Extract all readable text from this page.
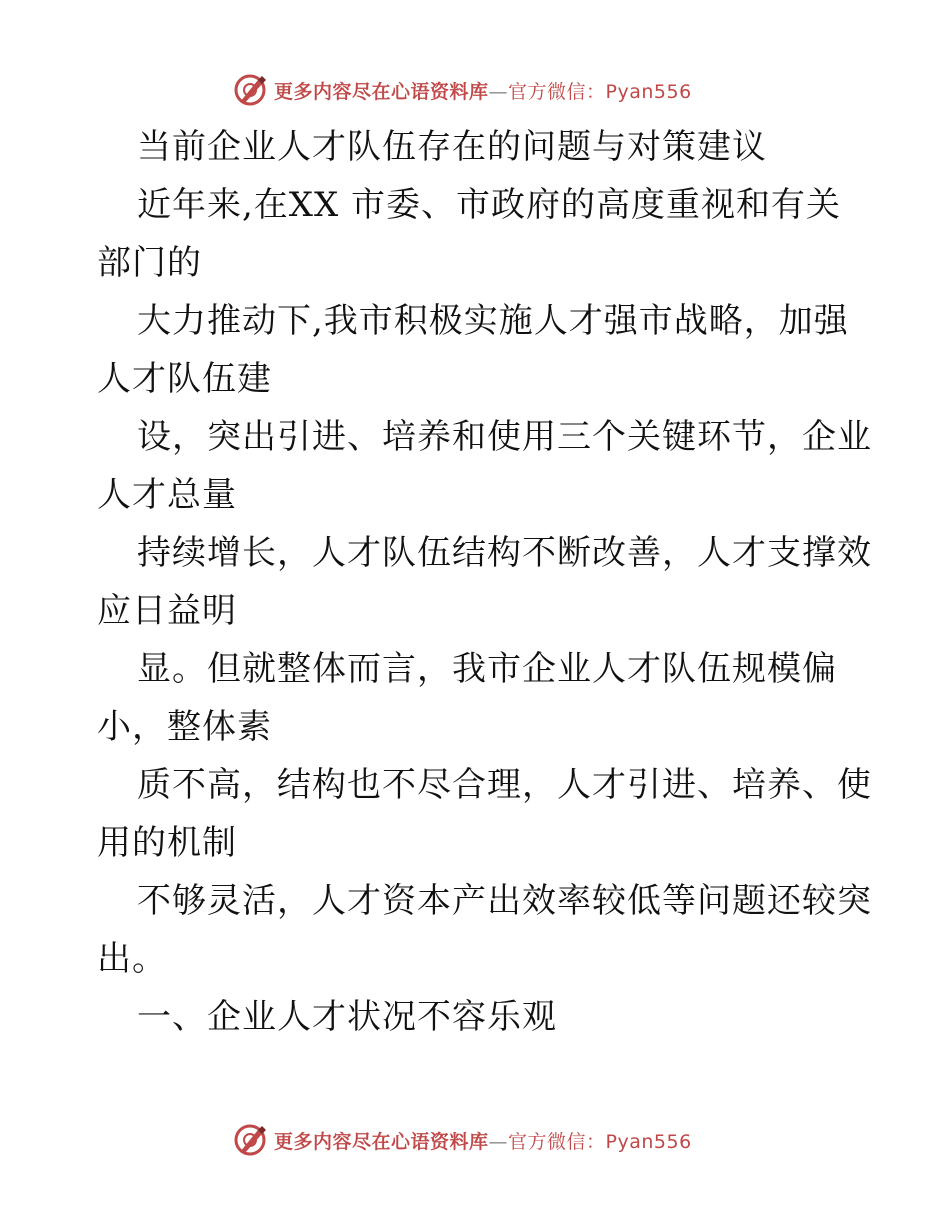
更多内容尽在心语资料库—官方微信：Pyan556
当前企业人才队伍存在的问题与对策建议
近年来,在XX 市委、市政府的高度重视和有关
部门的
大力推动下,我市积极实施人才强市战略，加强
人才队伍建
设，突出引进、培养和使用三个关键环节，企业
人才总量
持续增长，人才队伍结构不断改善，人才支撑效
应日益明
显。但就整体而言，我市企业人才队伍规模偏
小，整体素
质不高，结构也不尽合理，人才引进、培养、使
用的机制
不够灵活，人才资本产出效率较低等问题还较突
出。
一、企业人才状况不容乐观
更多内容尽在心语资料库—官方微信：Pyan556
